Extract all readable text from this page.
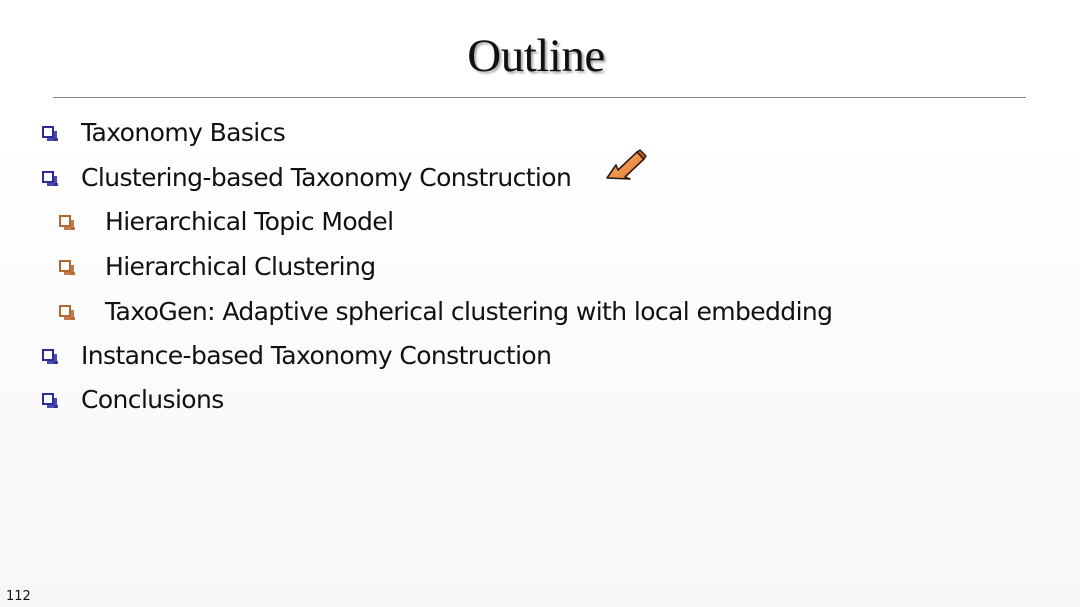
Outline
Taxonomy Basics
Clustering-based Taxonomy Construction
Hierarchical Topic Model
Hierarchical Clustering
TaxoGen: Adaptive spherical clustering with local embedding
Instance-based Taxonomy Construction
Conclusions
112
